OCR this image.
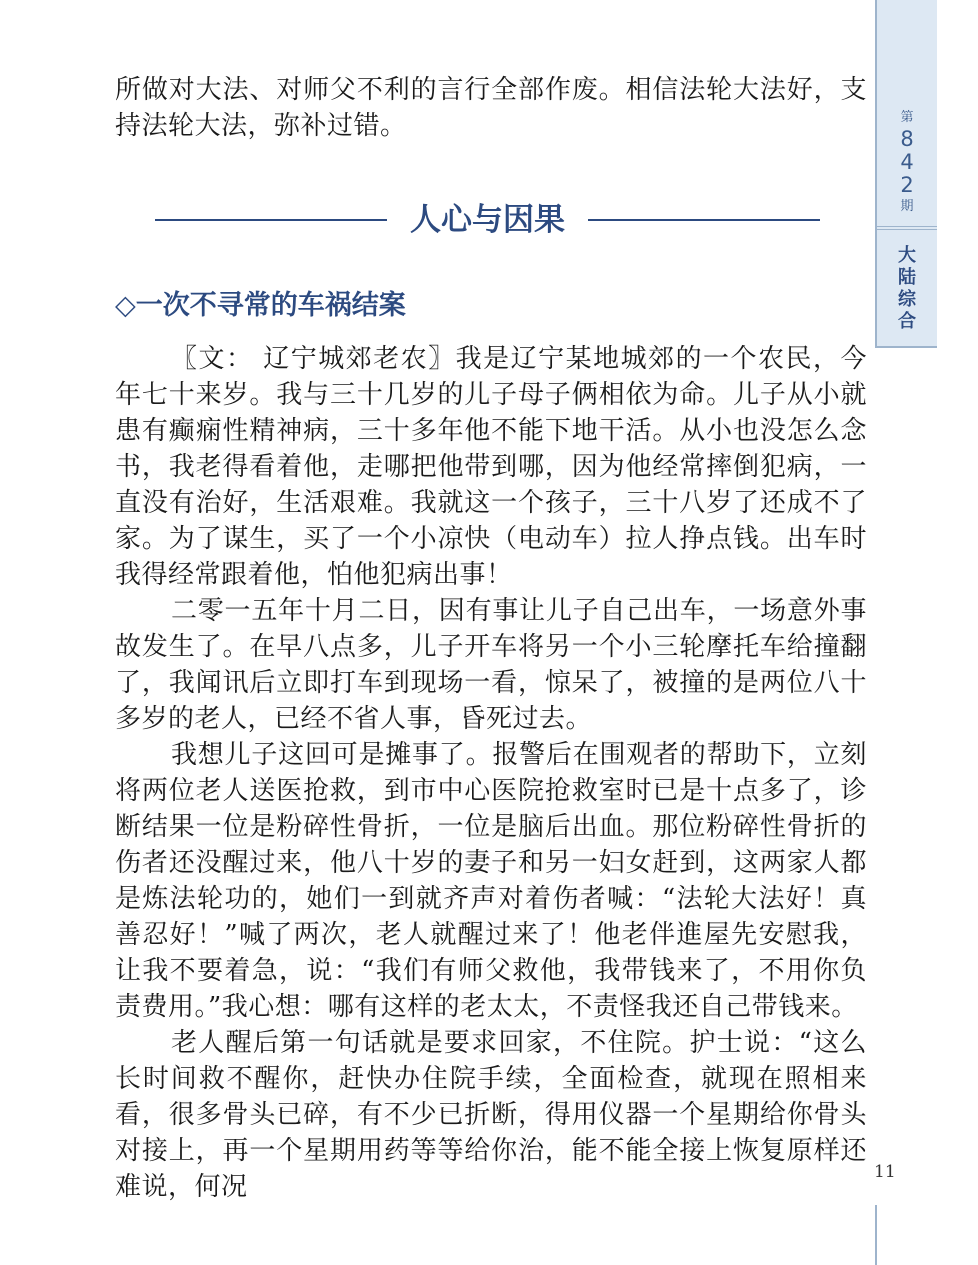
第
8
4
2
期
大
陆
综
合
11

所做对大法、对师父不利的言行全部作废。相信法轮大法好，支持法轮大法，弥补过错。

人心与因果
◇一次不寻常的车祸结案

〖文： 辽宁城郊老农〗我是辽宁某地城郊的一个农民，今年七十来岁。我与三十几岁的儿子母子俩相依为命。儿子从小就患有癫痫性精神病，三十多年他不能下地干活。从小也没怎么念书，我老得看着他，走哪把他带到哪，因为他经常摔倒犯病，一直没有治好，生活艰难。我就这一个孩子，三十八岁了还成不了家。为了谋生，买了一个小凉快（电动车）拉人挣点钱。出车时我得经常跟着他，怕他犯病出事！

二零一五年十月二日，因有事让儿子自己出车，一场意外事故发生了。在早八点多，儿子开车将另一个小三轮摩托车给撞翻了，我闻讯后立即打车到现场一看，惊呆了，被撞的是两位八十多岁的老人，已经不省人事，昏死过去。

我想儿子这回可是摊事了。报警后在围观者的帮助下，立刻将两位老人送医抢救，到市中心医院抢救室时已是十点多了，诊断结果一位是粉碎性骨折，一位是脑后出血。那位粉碎性骨折的伤者还没醒过来，他八十岁的妻子和另一妇女赶到，这两家人都是炼法轮功的，她们一到就齐声对着伤者喊：“法轮大法好！真善忍好！”喊了两次，老人就醒过来了！他老伴進屋先安慰我，让我不要着急，说：“我们有师父救他，我带钱来了，不用你负责费用。”我心想：哪有这样的老太太，不责怪我还自己带钱来。

老人醒后第一句话就是要求回家，不住院。护士说：“这么长时间救不醒你，赶快办住院手续，全面检查，就现在照相来看，很多骨头已碎，有不少已折断，得用仪器一个星期给你骨头对接上，再一个星期用药等等给你治，能不能全接上恢复原样还难说，何况
